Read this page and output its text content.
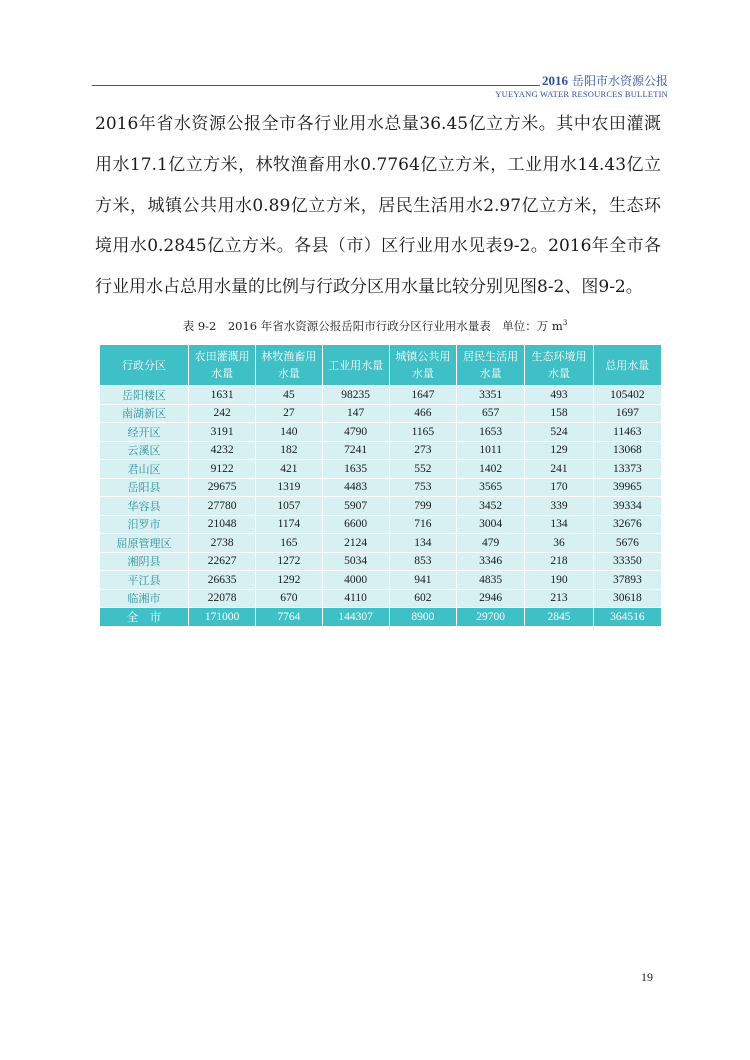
2016 岳阳市水资源公报
YUEYANG WATER RESOURCES BULLETIN

2016年省水资源公报全市各行业用水总量36.45亿立方米。其中农田灌溉用水17.1亿立方米，林牧渔畜用水0.7764亿立方米，工业用水14.43亿立方米，城镇公共用水0.89亿立方米，居民生活用水2.97亿立方米，生态环境用水0.2845亿立方米。各县（市）区行业用水见表9-2。2016年全市各行业用水占总用水量的比例与行政分区用水量比较分别见图8-2、图9-2。

表 9-2　2016 年省水资源公报岳阳市行政分区行业用水量表　单位：万 $m^3$
行政分区	农田灌溉用水量	林牧渔畜用水量	工业用水量	城镇公共用水量	居民生活用水量	生态环境用水量	总用水量
岳阳楼区	1631	45	98235	1647	3351	493	105402
南湖新区	242	27	147	466	657	158	1697
经开区	3191	140	4790	1165	1653	524	11463
云溪区	4232	182	7241	273	1011	129	13068
君山区	9122	421	1635	552	1402	241	13373
岳阳县	29675	1319	4483	753	3565	170	39965
华容县	27780	1057	5907	799	3452	339	39334
汨罗市	21048	1174	6600	716	3004	134	32676
屈原管理区	2738	165	2124	134	479	36	5676
湘阴县	22627	1272	5034	853	3346	218	33350
平江县	26635	1292	4000	941	4835	190	37893
临湘市	22078	670	4110	602	2946	213	30618
全　市	171000	7764	144307	8900	29700	2845	364516
19
